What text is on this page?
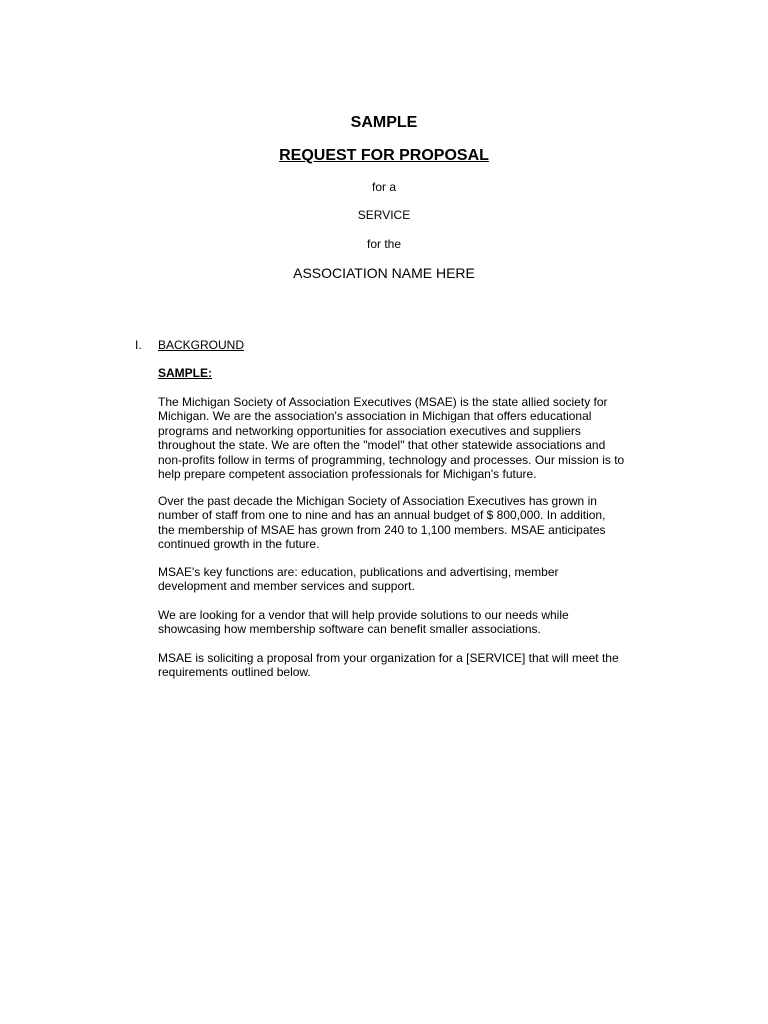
SAMPLE
REQUEST FOR PROPOSAL
for a
SERVICE
for the
ASSOCIATION NAME HERE
I. BACKGROUND
SAMPLE:
The Michigan Society of Association Executives (MSAE) is the state allied society for
Michigan. We are the association's association in Michigan that offers educational
programs and networking opportunities for association executives and suppliers
throughout the state. We are often the "model" that other statewide associations and
non-profits follow in terms of programming, technology and processes. Our mission is to
help prepare competent association professionals for Michigan's future.
Over the past decade the Michigan Society of Association Executives has grown in
number of staff from one to nine and has an annual budget of $ 800,000. In addition,
the membership of MSAE has grown from 240 to 1,100 members. MSAE anticipates
continued growth in the future.
MSAE's key functions are: education, publications and advertising, member
development and member services and support.
We are looking for a vendor that will help provide solutions to our needs while
showcasing how membership software can benefit smaller associations.
MSAE is soliciting a proposal from your organization for a [SERVICE] that will meet the
requirements outlined below.
